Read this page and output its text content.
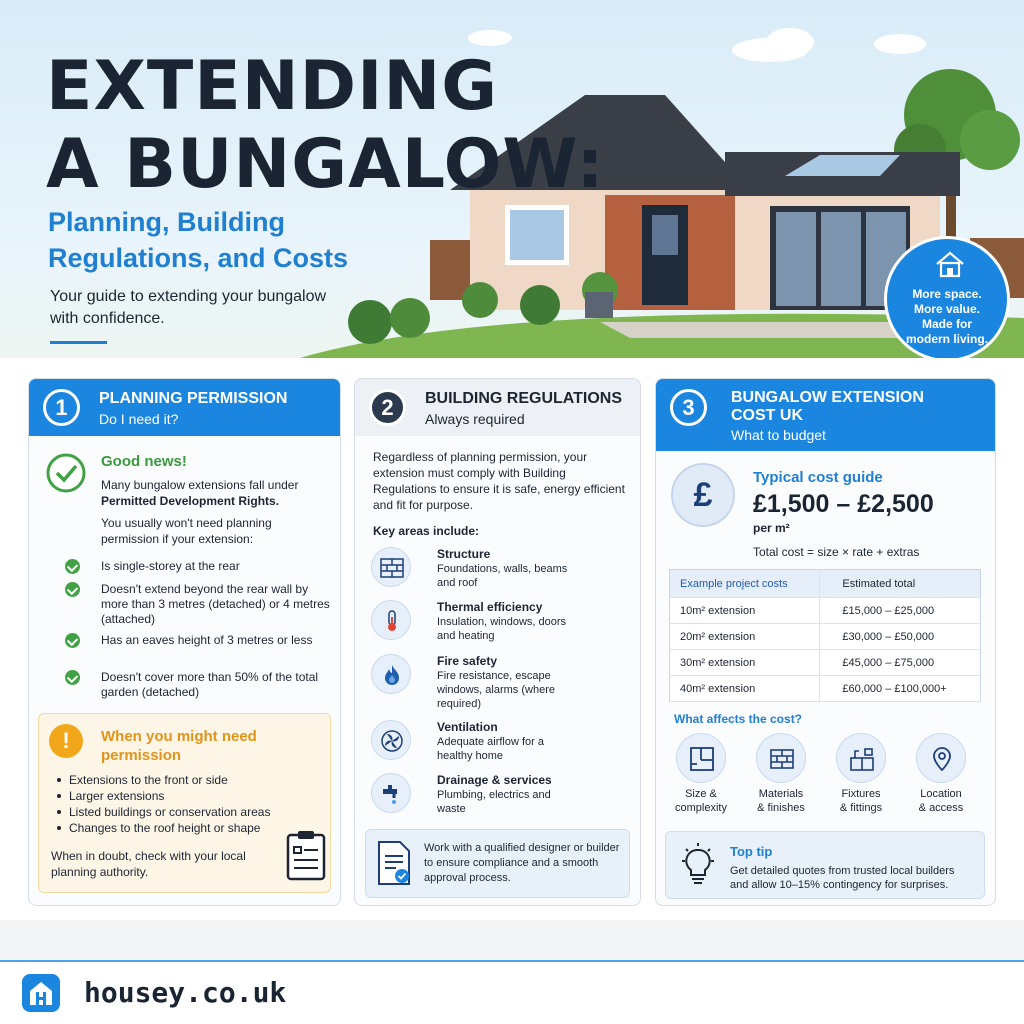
EXTENDING
A BUNGALOW:
Planning, Building Regulations, and Costs
Your guide to extending your bungalow with confidence.
More space.
More value.
Made for
modern living.
1	PLANNING PERMISSION
Do I need it?
Good news!
Many bungalow extensions fall under
Permitted Development Rights.
You usually won't need planning permission if your extension:
Is single-storey at the rear
Doesn't extend beyond the rear wall by more than 3 metres (detached) or 4 metres (attached)
Has an eaves height of 3 metres or less
Doesn't cover more than 50% of the total garden (detached)
!	When you might need permission
Extensions to the front or side
Larger extensions
Listed buildings or conservation areas
Changes to the roof height or shape
When in doubt, check with your local planning authority.
2	BUILDING REGULATIONS
Always required
Regardless of planning permission, your extension must comply with Building Regulations to ensure it is safe, energy efficient and fit for purpose.
Key areas include:
Structure
Foundations, walls, beams and roof
Thermal efficiency
Insulation, windows, doors and heating
Fire safety
Fire resistance, escape windows, alarms (where required)
Ventilation
Adequate airflow for a healthy home
Drainage & services
Plumbing, electrics and waste
Work with a qualified designer or builder to ensure compliance and a smooth approval process.
3	BUNGALOW EXTENSION COST UK
What to budget
£	Typical cost guide
£1,500 – £2,500
per m²
Total cost = size × rate + extras
Example project costs	Estimated total
10m² extension	£15,000 – £25,000
20m² extension	£30,000 – £50,000
30m² extension	£45,000 – £75,000
40m² extension	£60,000 – £100,000+
What affects the cost?
Size &
complexity
Materials
& finishes
Fixtures
& fittings
Location
& access
Top tip
Get detailed quotes from trusted local builders and allow 10–15% contingency for surprises.
housey.co.uk
